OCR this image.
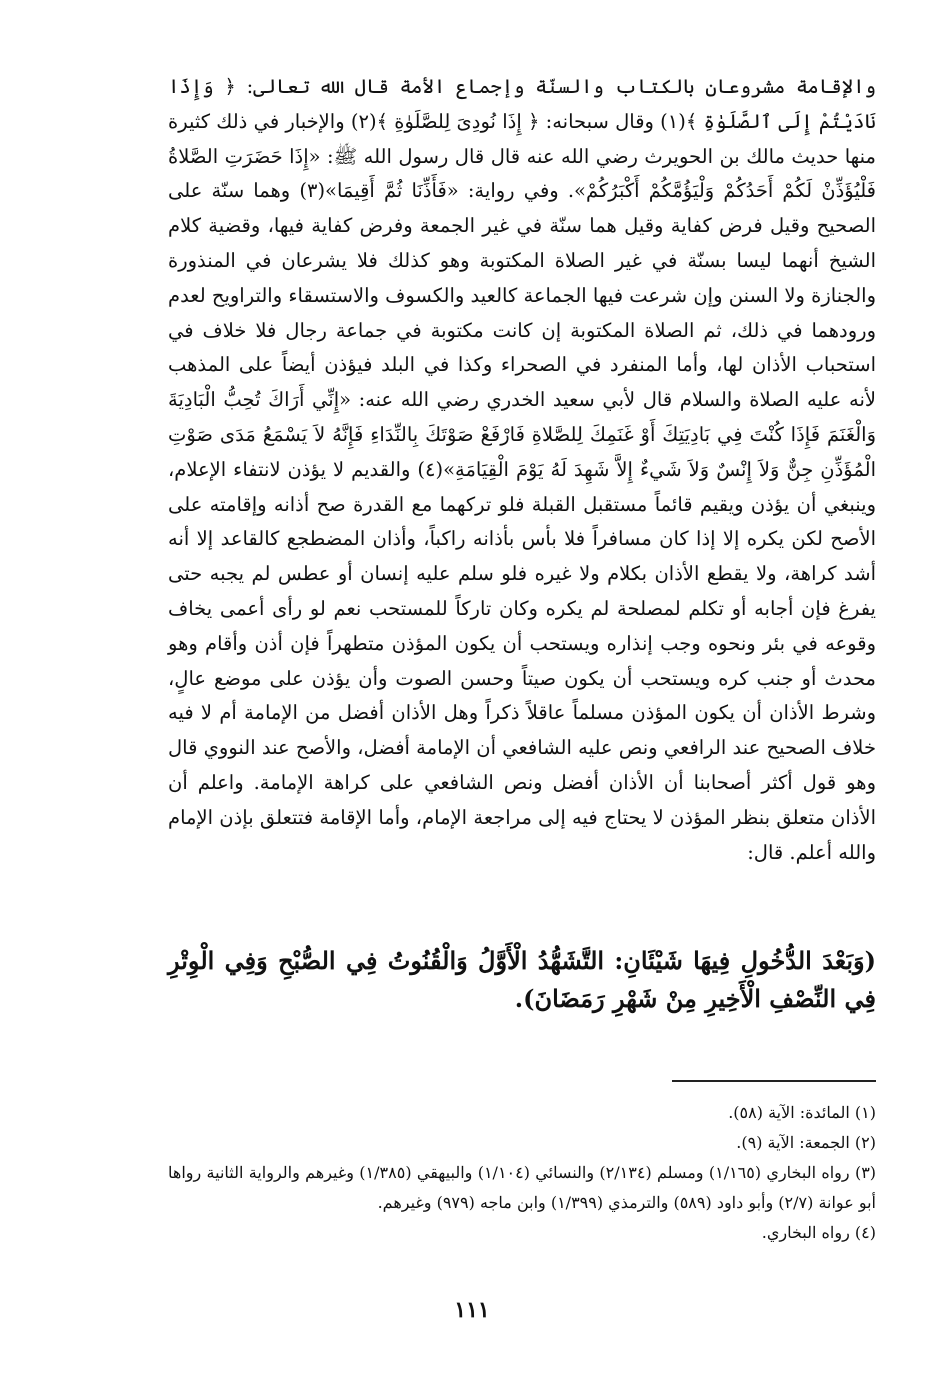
والإقامة مشروعان بالكتاب والسنّة وإجماع الأمة قال الله تعالى: ﴿ وَإِذَا نَادَيْتُمْ إِلَى ٱلصَّلَوٰةِ ﴾(١) وقال سبحانه: ﴿ إِذَا نُودِىَ لِلصَّلَوٰةِ ﴾(٢) والإخبار في ذلك كثيرة منها حديث مالك بن الحويرث رضي الله عنه قال قال رسول الله ﷺ: «إِذَا حَضَرَتِ الصَّلاةُ فَلْيُؤَذِّنْ لَكُمْ أَحَدُكُمْ وَلْيَؤُمَّكُمْ أَكْبَرُكُمْ». وفي رواية: «فَأَذِّنَا ثُمَّ أَقِيمَا»(٣) وهما سنّة على الصحيح وقيل فرض كفاية وقيل هما سنّة في غير الجمعة وفرض كفاية فيها، وقضية كلام الشيخ أنهما ليسا بسنّة في غير الصلاة المكتوبة وهو كذلك فلا يشرعان في المنذورة والجنازة ولا السنن وإن شرعت فيها الجماعة كالعيد والكسوف والاستسقاء والتراويح لعدم ورودهما في ذلك، ثم الصلاة المكتوبة إن كانت مكتوبة في جماعة رجال فلا خلاف في استحباب الأذان لها، وأما المنفرد في الصحراء وكذا في البلد فيؤذن أيضاً على المذهب لأنه عليه الصلاة والسلام قال لأبي سعيد الخدري رضي الله عنه: «إِنِّي أَرَاكَ تُحِبُّ الْبَادِيَةَ وَالْغَنَمَ فَإِذَا كُنْتَ فِي بَادِيَتِكَ أَوْ غَنَمِكَ لِلصَّلاةِ فَارْفَعْ صَوْتَكَ بِالنِّدَاءِ فَإِنَّهُ لاَ يَسْمَعُ مَدَى صَوْتِ الْمُؤَذِّنِ جِنٌّ وَلاَ إِنْسٌ وَلاَ شَيءٌ إِلاَّ شَهِدَ لَهُ يَوْمَ الْقِيَامَةِ»(٤) والقديم لا يؤذن لانتفاء الإعلام، وينبغي أن يؤذن ويقيم قائماً مستقبل القبلة فلو تركهما مع القدرة صح أذانه وإقامته على الأصح لكن يكره إلا إذا كان مسافراً فلا بأس بأذانه راكباً، وأذان المضطجع كالقاعد إلا أنه أشد كراهة، ولا يقطع الأذان بكلام ولا غيره فلو سلم عليه إنسان أو عطس لم يجبه حتى يفرغ فإن أجابه أو تكلم لمصلحة لم يكره وكان تاركاً للمستحب نعم لو رأى أعمى يخاف وقوعه في بئر ونحوه وجب إنذاره ويستحب أن يكون المؤذن متطهراً فإن أذن وأقام وهو محدث أو جنب كره ويستحب أن يكون صيتاً وحسن الصوت وأن يؤذن على موضع عالٍ، وشرط الأذان أن يكون المؤذن مسلماً عاقلاً ذكراً وهل الأذان أفضل من الإمامة أم لا فيه خلاف الصحيح عند الرافعي ونص عليه الشافعي أن الإمامة أفضل، والأصح عند النووي قال وهو قول أكثر أصحابنا أن الأذان أفضل ونص الشافعي على كراهة الإمامة. واعلم أن الأذان متعلق بنظر المؤذن لا يحتاج فيه إلى مراجعة الإمام، وأما الإقامة فتتعلق بإذن الإمام والله أعلم. قال:

(وَبَعْدَ الدُّخُولِ فِيهَا شَيْئَانِ: التَّشَهُّدُ الْأَوَّلُ وَالْقُنُوتُ فِي الصُّبْحِ وَفِي الْوِتْرِ فِي النِّصْفِ الْأَخِيرِ مِنْ شَهْرِ رَمَضَانَ).

(١) المائدة: الآية (٥٨).

(٢) الجمعة: الآية (٩).

(٣) رواه البخاري (١/١٦٥) ومسلم (٢/١٣٤) والنسائي (١/١٠٤) والبيهقي (١/٣٨٥) وغيرهم والرواية الثانية رواها أبو عوانة (٢/٧) وأبو داود (٥٨٩) والترمذي (١/٣٩٩) وابن ماجه (٩٧٩) وغيرهم.

(٤) رواه البخاري.

١١١
